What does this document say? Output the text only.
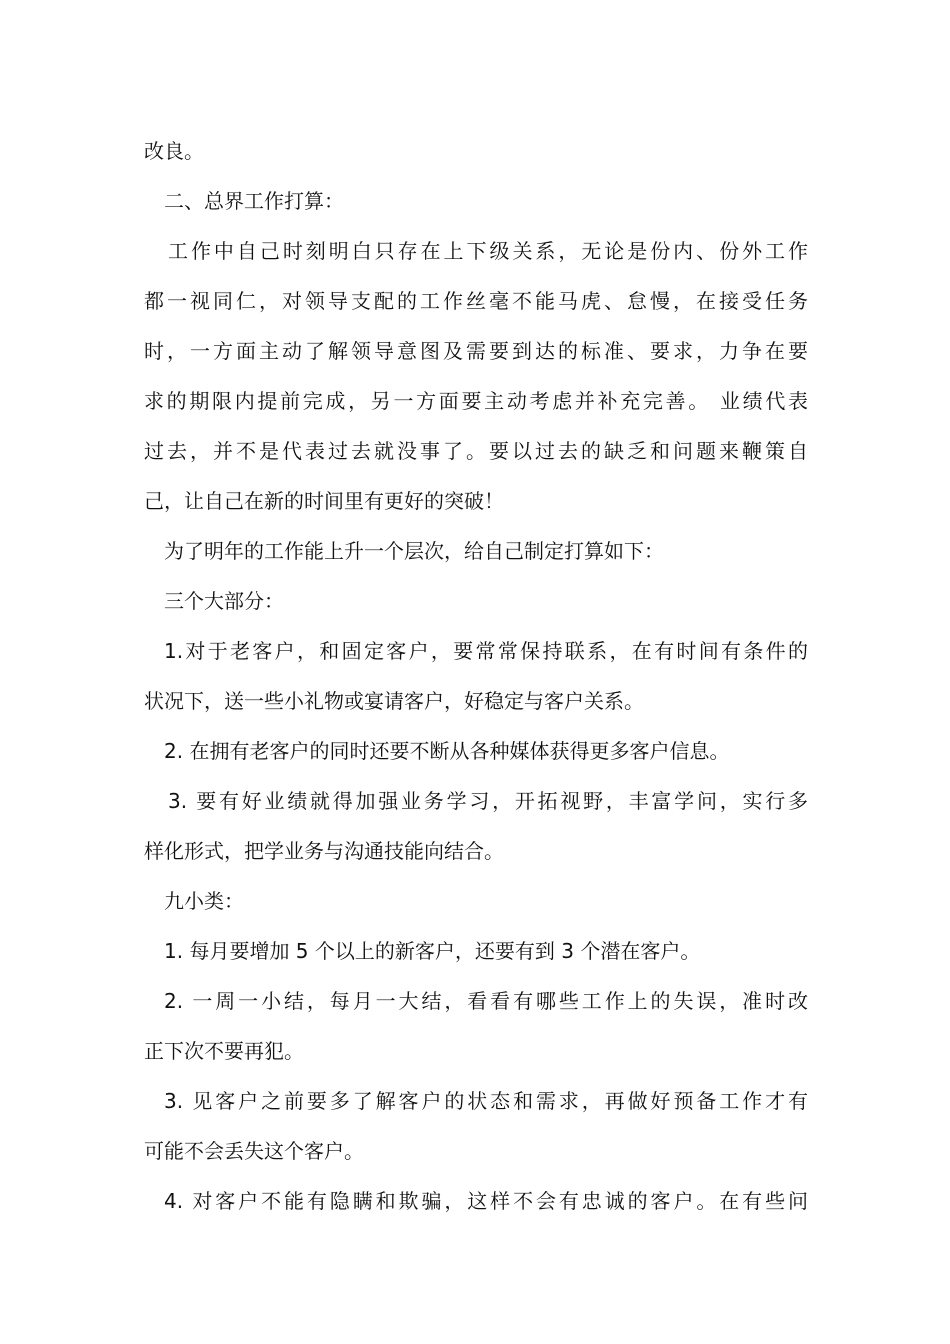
改良。
二、总界工作打算：
工作中自己时刻明白只存在上下级关系，无论是份内、份外工作
都一视同仁，对领导支配的工作丝毫不能马虎、怠慢，在接受任务
时，一方面主动了解领导意图及需要到达的标准、要求，力争在要
求的期限内提前完成，另一方面要主动考虑并补充完善。 业绩代表
过去，并不是代表过去就没事了。要以过去的缺乏和问题来鞭策自
己，让自己在新的时间里有更好的突破！
为了明年的工作能上升一个层次，给自己制定打算如下：
三个大部分：
1.对于老客户，和固定客户，要常常保持联系，在有时间有条件的
状况下，送一些小礼物或宴请客户，好稳定与客户关系。
2. 在拥有老客户的同时还要不断从各种媒体获得更多客户信息。
3. 要有好业绩就得加强业务学习，开拓视野，丰富学问，实行多
样化形式，把学业务与沟通技能向结合。
九小类：
1. 每月要增加 5 个以上的新客户，还要有到 3 个潜在客户。
2. 一周一小结，每月一大结，看看有哪些工作上的失误，准时改
正下次不要再犯。
3. 见客户之前要多了解客户的状态和需求，再做好预备工作才有
可能不会丢失这个客户。
4. 对客户不能有隐瞒和欺骗，这样不会有忠诚的客户。在有些问
